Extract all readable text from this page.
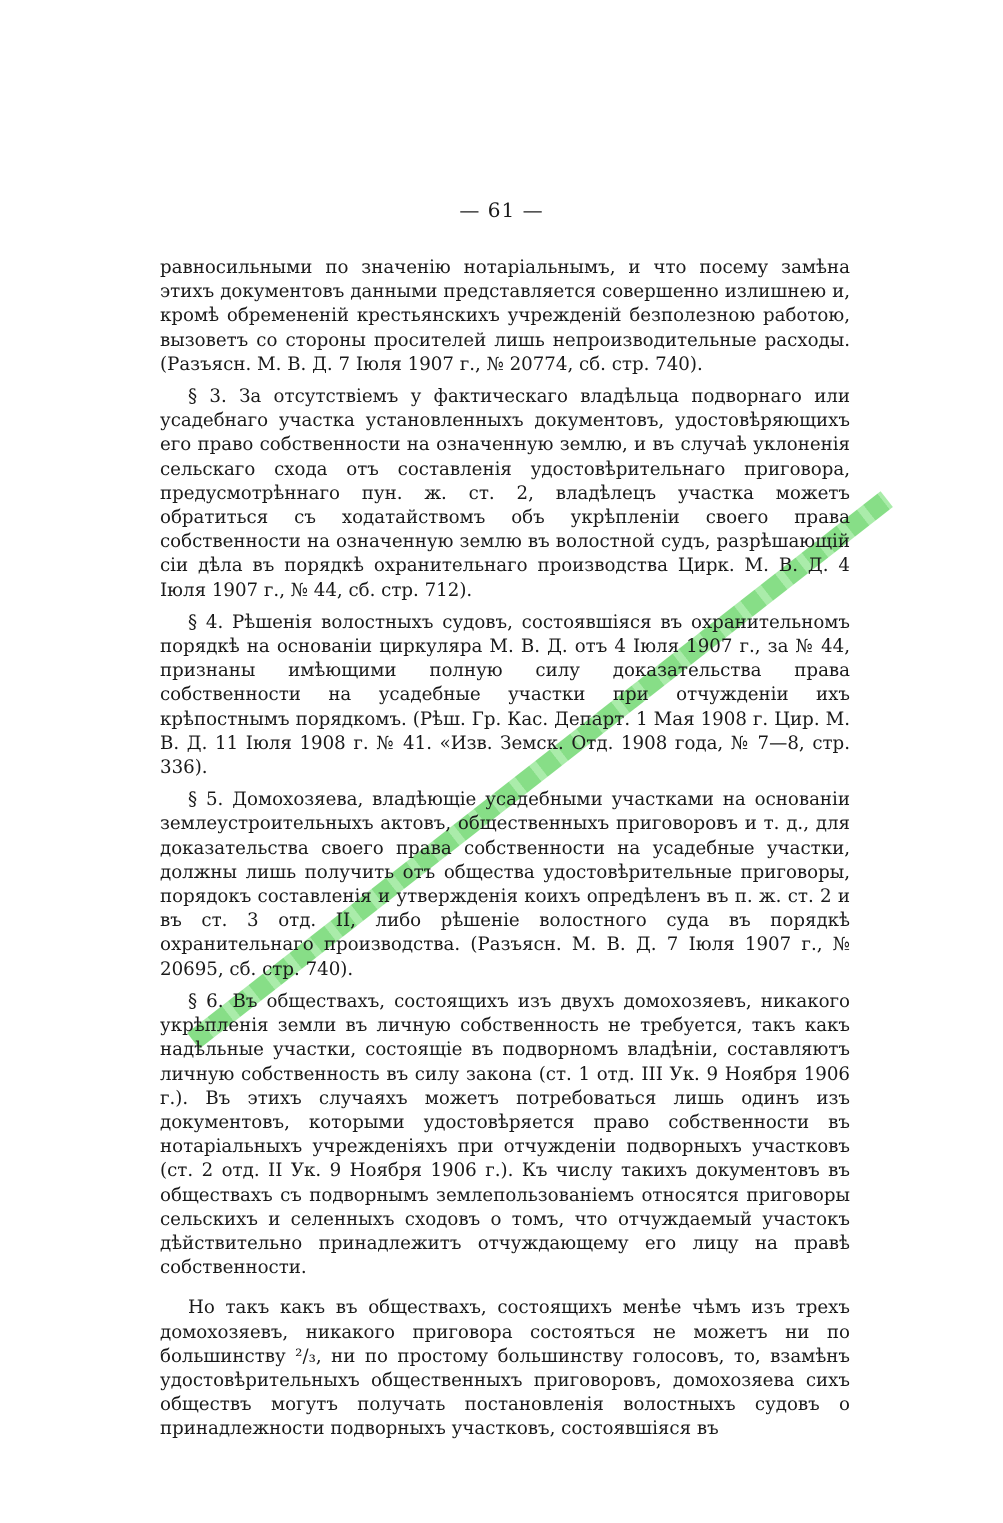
— 61 —

равносильными по значенію нотаріальнымъ, и что посему замѣна этихъ документовъ данными представляется совершенно излишнею и, кромѣ обремененій крестьянскихъ учрежденій безполезною работою, вызоветъ со стороны просителей лишь непроизводительные расходы. (Разъясн. М. В. Д. 7 Іюля 1907 г., № 20774, сб. стр. 740).

§ 3. За отсутствіемъ у фактическаго владѣльца подворнаго или усадебнаго участка установленныхъ документовъ, удостовѣряющихъ его право собственности на означенную землю, и въ случаѣ уклоненія сельскаго схода отъ составленія удостовѣрительнаго приговора, предусмотрѣннаго пун. ж. ст. 2, владѣлецъ участка можетъ обратиться съ ходатайствомъ объ укрѣпленіи своего права собственности на означенную землю въ волостной судъ, разрѣшающій сіи дѣла въ порядкѣ охранительнаго производства Цирк. М. В. Д. 4 Іюля 1907 г., № 44, сб. стр. 712).

§ 4. Рѣшенія волостныхъ судовъ, состоявшіяся въ охранительномъ порядкѣ на основаніи циркуляра М. В. Д. отъ 4 Іюля 1907 г., за № 44, признаны имѣющими полную силу доказательства права собственности на усадебные участки при отчужденіи ихъ крѣпостнымъ порядкомъ. (Рѣш. Гр. Кас. Департ. 1 Мая 1908 г. Цир. М. В. Д. 11 Іюля 1908 г. № 41. «Изв. Земск. Отд. 1908 года, № 7—8, стр. 336).

§ 5. Домохозяева, владѣющіе усадебными участками на основаніи землеустроительныхъ актовъ, общественныхъ приговоровъ и т. д., для доказательства своего права собственности на усадебные участки, должны лишь получить отъ общества удостовѣрительные приговоры, порядокъ составленія и утвержденія коихъ опредѣленъ въ п. ж. ст. 2 и въ ст. 3 отд. II, либо рѣшеніе волостного суда въ порядкѣ охранительнаго производства. (Разъясн. М. В. Д. 7 Іюля 1907 г., № 20695, сб. стр. 740).

§ 6. Въ обществахъ, состоящихъ изъ двухъ домохозяевъ, никакого укрѣпленія земли въ личную собственность не требуется, такъ какъ надѣльные участки, состоящіе въ подворномъ владѣніи, составляютъ личную собственность въ силу закона (ст. 1 отд. III Ук. 9 Ноября 1906 г.). Въ этихъ случаяхъ можетъ потребоваться лишь одинъ изъ документовъ, которыми удостовѣряется право собственности въ нотаріальныхъ учрежденіяхъ при отчужденіи подворныхъ участковъ (ст. 2 отд. II Ук. 9 Ноября 1906 г.). Къ числу такихъ документовъ въ обществахъ съ подворнымъ землепользованіемъ относятся приговоры сельскихъ и селенныхъ сходовъ о томъ, что отчуждаемый участокъ дѣйствительно принадлежитъ отчуждающему его лицу на правѣ собственности.

Но такъ какъ въ обществахъ, состоящихъ менѣе чѣмъ изъ трехъ домохозяевъ, никакого приговора состояться не можетъ ни по большинству ²/₃, ни по простому большинству голосовъ, то, взамѣнъ удостовѣрительныхъ общественныхъ приговоровъ, домохозяева сихъ обществъ могутъ получать постановленія волостныхъ судовъ о принадлежности подворныхъ участковъ, состоявшіяся въ
